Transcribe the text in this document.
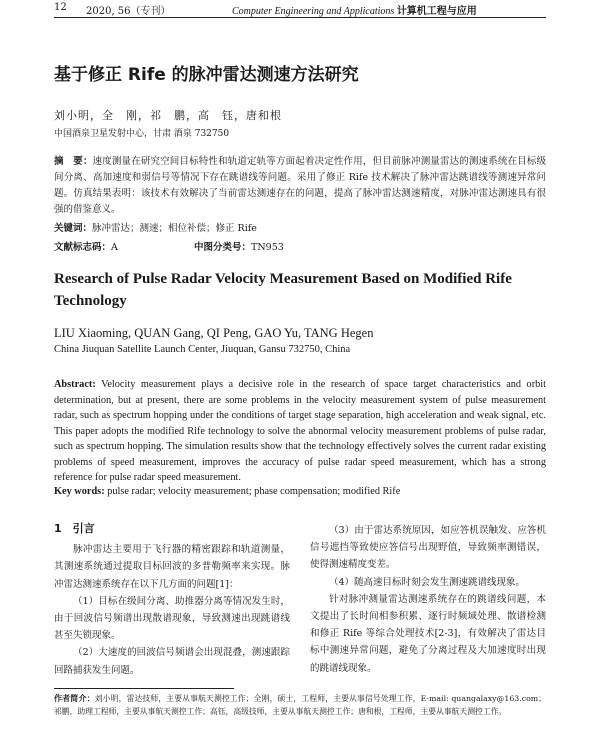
12 2020, 56（专刊）	Computer Engineering and Applications 计算机工程与应用
基于修正 Rife 的脉冲雷达测速方法研究
刘小明，全　刚，祁　鹏，高　钰，唐和根
中国酒泉卫星发射中心，甘肃 酒泉 732750
摘　要：速度测量在研究空间目标特性和轨道定轨等方面起着决定性作用，但目前脉冲测量雷达的测速系统在目标级间分离、高加速度和弱信号等情况下存在跳谱线等问题。采用了修正 Rife 技术解决了脉冲雷达跳谱线等测速异常问题。仿真结果表明：该技术有效解决了当前雷达测速存在的问题，提高了脉冲雷达测速精度，对脉冲雷达测速具有很强的借鉴意义。
关键词：脉冲雷达；测速；相位补偿；修正 Rife
文献标志码：A	中图分类号：TN953
Research of Pulse Radar Velocity Measurement Based on Modified Rife Technology
LIU Xiaoming, QUAN Gang, QI Peng, GAO Yu, TANG Hegen
China Jiuquan Satellite Launch Center, Jiuquan, Gansu 732750, China
Abstract: Velocity measurement plays a decisive role in the research of space target characteristics and orbit determination, but at present, there are some problems in the velocity measurement system of pulse measurement radar, such as spectrum hopping under the conditions of target stage separation, high acceleration and weak signal, etc. This paper adopts the modified Rife technology to solve the abnormal velocity measurement problems of pulse radar, such as spectrum hopping. The simulation results show that the technology effectively solves the current radar existing problems of speed measurement, improves the accuracy of pulse radar speed measurement, which has a strong reference for pulse radar speed measurement.
Key words: pulse radar; velocity measurement; phase compensation; modified Rife
1　引言

脉冲雷达主要用于飞行器的精密跟踪和轨道测量，其测速系统通过提取目标回波的多普勒频率来实现。脉冲雷达测速系统存在以下几方面的问题[1]：

（1）目标在级间分离、助推器分离等情况发生时，由于回波信号频谱出现散谱现象，导致测速出现跳谱线甚至失锁现象。

（2）大速度的回波信号频谱会出现混叠，测速跟踪回路捕获发生问题。

（3）由于雷达系统原因，如应答机误触发、应答机信号遮挡等致使应答信号出现野值，导致频率测错误，使得测速精度变差。

（4）随高速目标时刻会发生测速跳谱线现象。

针对脉冲测量雷达测速系统存在的跳谱线问题，本文提出了长时间相参积累、逐行时频域处理、散谱检测和修正 Rife 等综合处理技术[2-3]，有效解决了雷达目标中测速异常问题，避免了分离过程及大加速度时出现的跳谱线现象。

作者简介：刘小明，雷达技师，主要从事航天测控工作；全刚，硕士，工程师，主要从事信号处理工作，E-mail: quangalaxy@163.com；祁鹏，助理工程师，主要从事航天测控工作；高钰，高级技师，主要从事航天测控工作；唐和根，工程师，主要从事航天测控工作。
